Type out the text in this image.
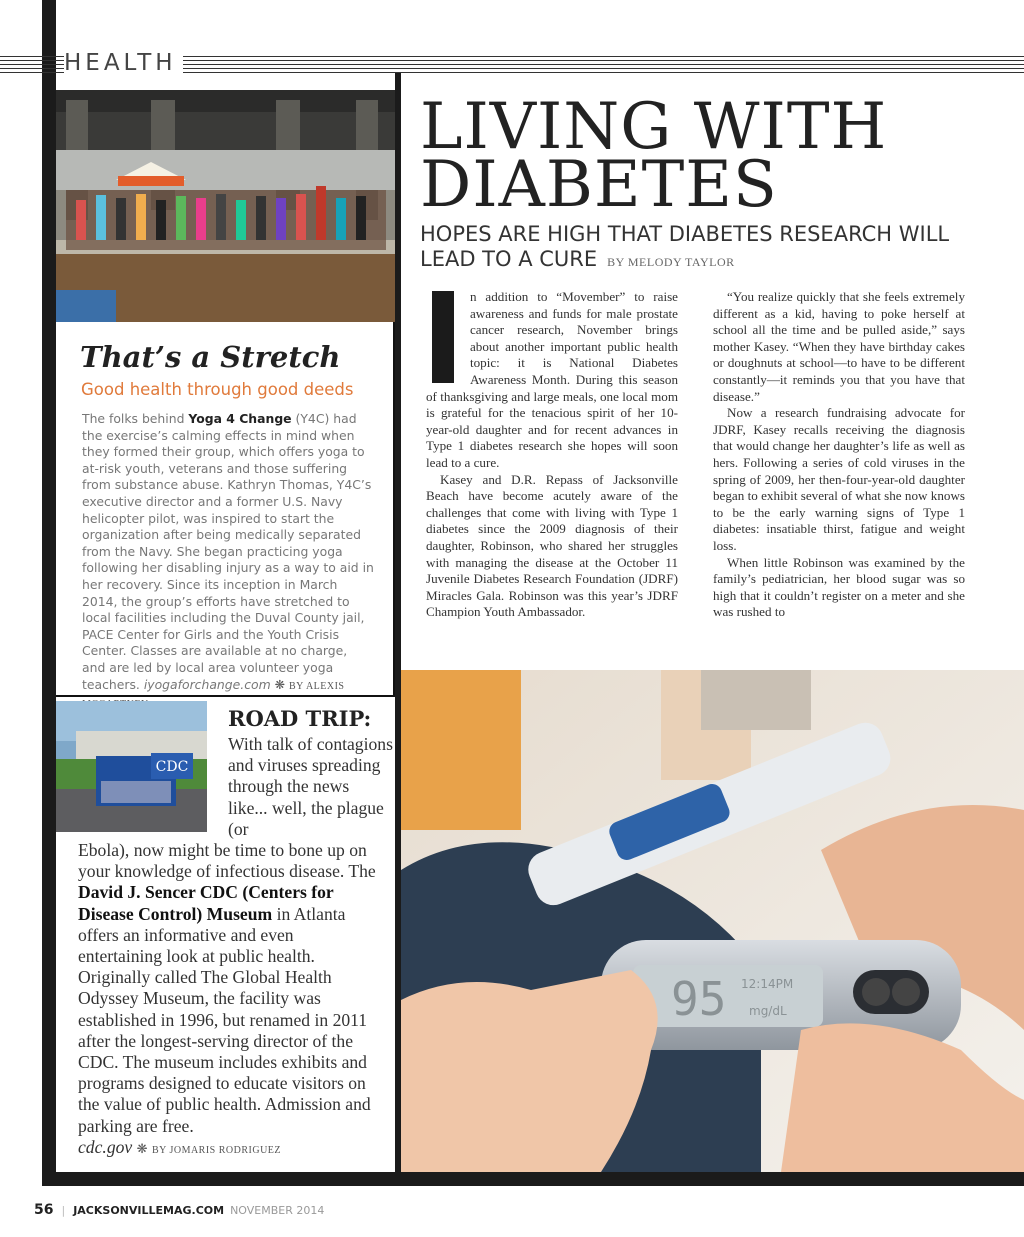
HEALTH
That’s a Stretch
Good health through good deeds
The folks behind Yoga 4 Change (Y4C) had the exercise’s calming effects in mind when they formed their group, which offers yoga to at-risk youth, veterans and those suffering from substance abuse. Kathryn Thomas, Y4C’s executive director and a former U.S. Navy helicopter pilot, was inspired to start the organization after being medically separated from the Navy. She began practicing yoga following her disabling injury as a way to aid in her recovery. Since its inception in March 2014, the group’s efforts have stretched to local facilities including the Duval County jail, PACE Center for Girls and the Youth Crisis Center. Classes are available at no charge, and are led by local area volunteer yoga teachers. iyogaforchange.com ❋ BY ALEXIS
CDC
ROAD TRIP:
With talk of contagions and viruses spreading through the news like... well, the plague (or
Ebola), now might be time to bone up on your knowledge of infectious disease. The David J. Sencer CDC (Centers for Disease Control) Museum in Atlanta offers an informative and even entertaining look at public health. Originally called The Global Health Odyssey Museum, the facility was established in 1996, but renamed in 2011 after the longest-serving director of the CDC. The museum includes exhibits and programs designed to educate visitors on the value of public health. Admission and parking are free.
cdc.gov ❋ BY JOMARIS RODRIGUEZ
LIVING WITH
DIABETES
HOPES ARE HIGH THAT DIABETES RESEARCH WILL LEAD TO A CURE BY MELODY TAYLOR

n addition to “Movember” to raise awareness and funds for male prostate cancer research, November brings about another important public health topic: it is National Diabetes Awareness Month. During this season of thanksgiving and large meals, one local mom is grateful for the tenacious spirit of her 10-year-old daughter and for recent advances in Type 1 diabetes research she hopes will soon lead to a cure.

Kasey and D.R. Repass of Jacksonville Beach have become acutely aware of the challenges that come with living with Type 1 diabetes since the 2009 diagnosis of their daughter, Robinson, who shared her struggles with managing the disease at the October 11 Juvenile Diabetes Research Foundation (JDRF) Miracles Gala. Robinson was this year’s JDRF Champion Youth Ambassador.

“You realize quickly that she feels extremely different as a kid, having to poke herself at school all the time and be pulled aside,” says mother Kasey. “When they have birthday cakes or doughnuts at school—to have to be different constantly—it reminds you that you have that disease.”

Now a research fundraising advocate for JDRF, Kasey recalls receiving the diagnosis that would change her daughter’s life as well as hers. Following a series of cold viruses in the spring of 2009, her then-four-year-old daughter began to exhibit several of what she now knows to be the early warning signs of Type 1 diabetes: insatiable thirst, fatigue and weight loss.

When little Robinson was examined by the family’s pediatrician, her blood sugar was so high that it couldn’t register on a meter and she was rushed to

95 12:14PM
mg/dL
56 | JACKSONVILLEMAG.COM NOVEMBER 2014
